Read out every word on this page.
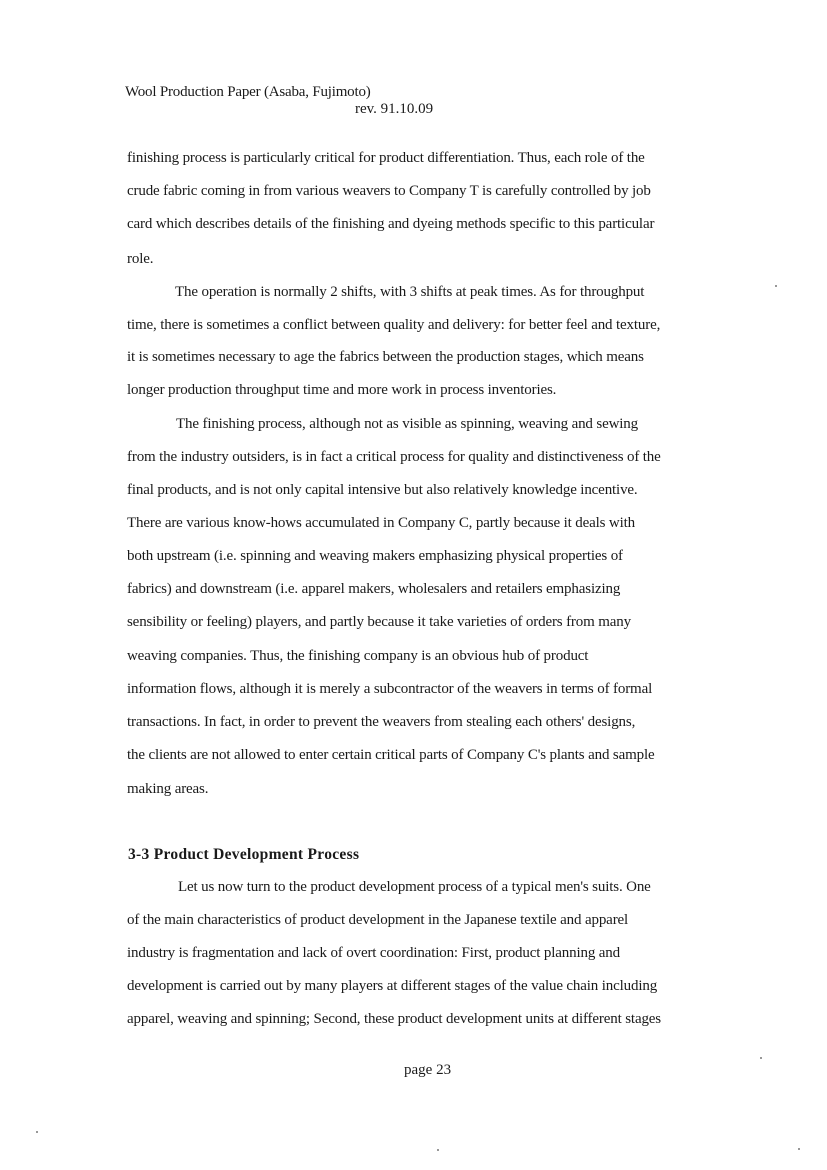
Wool Production Paper (Asaba, Fujimoto)
rev. 91.10.09
finishing process is particularly critical for product differentiation. Thus, each role of the
crude fabric coming in from various weavers to Company T is carefully controlled by job
card which describes details of the finishing and dyeing methods specific to this particular
role.
The operation is normally 2 shifts, with 3 shifts at peak times. As for throughput
time, there is sometimes a conflict between quality and delivery: for better feel and texture,
it is sometimes necessary to age the fabrics between the production stages, which means
longer production throughput time and more work in process inventories.
The finishing process, although not as visible as spinning, weaving and sewing
from the industry outsiders, is in fact a critical process for quality and distinctiveness of the
final products, and is not only capital intensive but also relatively knowledge incentive.
There are various know-hows accumulated in Company C, partly because it deals with
both upstream (i.e. spinning and weaving makers emphasizing physical properties of
fabrics) and downstream (i.e. apparel makers, wholesalers and retailers emphasizing
sensibility or feeling) players, and partly because it take varieties of orders from many
weaving companies. Thus, the finishing company is an obvious hub of product
information flows, although it is merely a subcontractor of the weavers in terms of formal
transactions. In fact, in order to prevent the weavers from stealing each others' designs,
the clients are not allowed to enter certain critical parts of Company C's plants and sample
making areas.
3-3 Product Development Process
Let us now turn to the product development process of a typical men's suits. One
of the main characteristics of product development in the Japanese textile and apparel
industry is fragmentation and lack of overt coordination: First, product planning and
development is carried out by many players at different stages of the value chain including
apparel, weaving and spinning; Second, these product development units at different stages
page 23
